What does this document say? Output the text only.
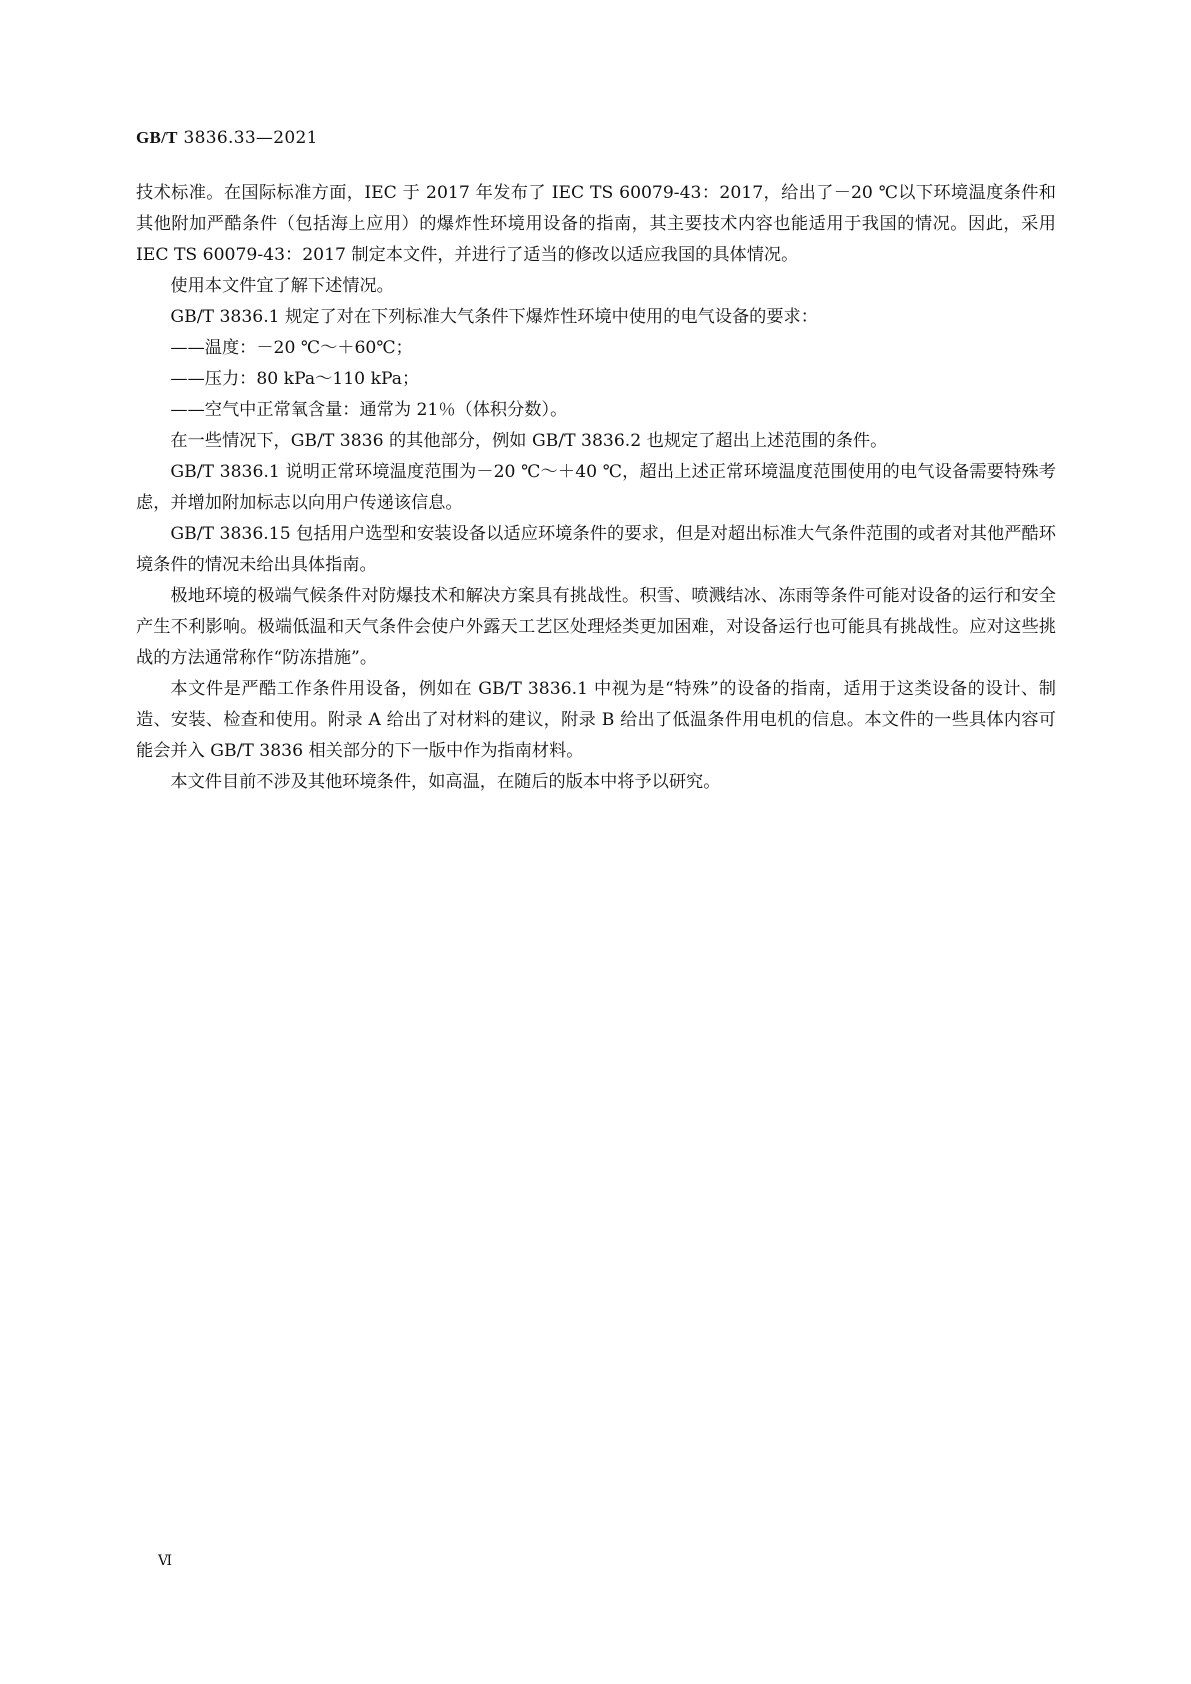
GB/T 3836.33—2021

技术标准。在国际标准方面，IEC 于 2017 年发布了 IEC TS 60079-43：2017，给出了－20 ℃以下环境温度条件和其他附加严酷条件（包括海上应用）的爆炸性环境用设备的指南，其主要技术内容也能适用于我国的情况。因此，采用 IEC TS 60079-43：2017 制定本文件，并进行了适当的修改以适应我国的具体情况。

使用本文件宜了解下述情况。

GB/T 3836.1 规定了对在下列标准大气条件下爆炸性环境中使用的电气设备的要求：

——温度：－20 ℃～＋60℃；

——压力：80 kPa～110 kPa；

——空气中正常氧含量：通常为 21％（体积分数）。

在一些情况下，GB/T 3836 的其他部分，例如 GB/T 3836.2 也规定了超出上述范围的条件。

GB/T 3836.1 说明正常环境温度范围为－20 ℃～＋40 ℃，超出上述正常环境温度范围使用的电气设备需要特殊考虑，并增加附加标志以向用户传递该信息。

GB/T 3836.15 包括用户选型和安装设备以适应环境条件的要求，但是对超出标准大气条件范围的或者对其他严酷环境条件的情况未给出具体指南。

极地环境的极端气候条件对防爆技术和解决方案具有挑战性。积雪、喷溅结冰、冻雨等条件可能对设备的运行和安全产生不利影响。极端低温和天气条件会使户外露天工艺区处理烃类更加困难，对设备运行也可能具有挑战性。应对这些挑战的方法通常称作“防冻措施”。

本文件是严酷工作条件用设备，例如在 GB/T 3836.1 中视为是“特殊”的设备的指南，适用于这类设备的设计、制造、安装、检查和使用。附录 A 给出了对材料的建议，附录 B 给出了低温条件用电机的信息。本文件的一些具体内容可能会并入 GB/T 3836 相关部分的下一版中作为指南材料。

本文件目前不涉及其他环境条件，如高温，在随后的版本中将予以研究。

Ⅵ
